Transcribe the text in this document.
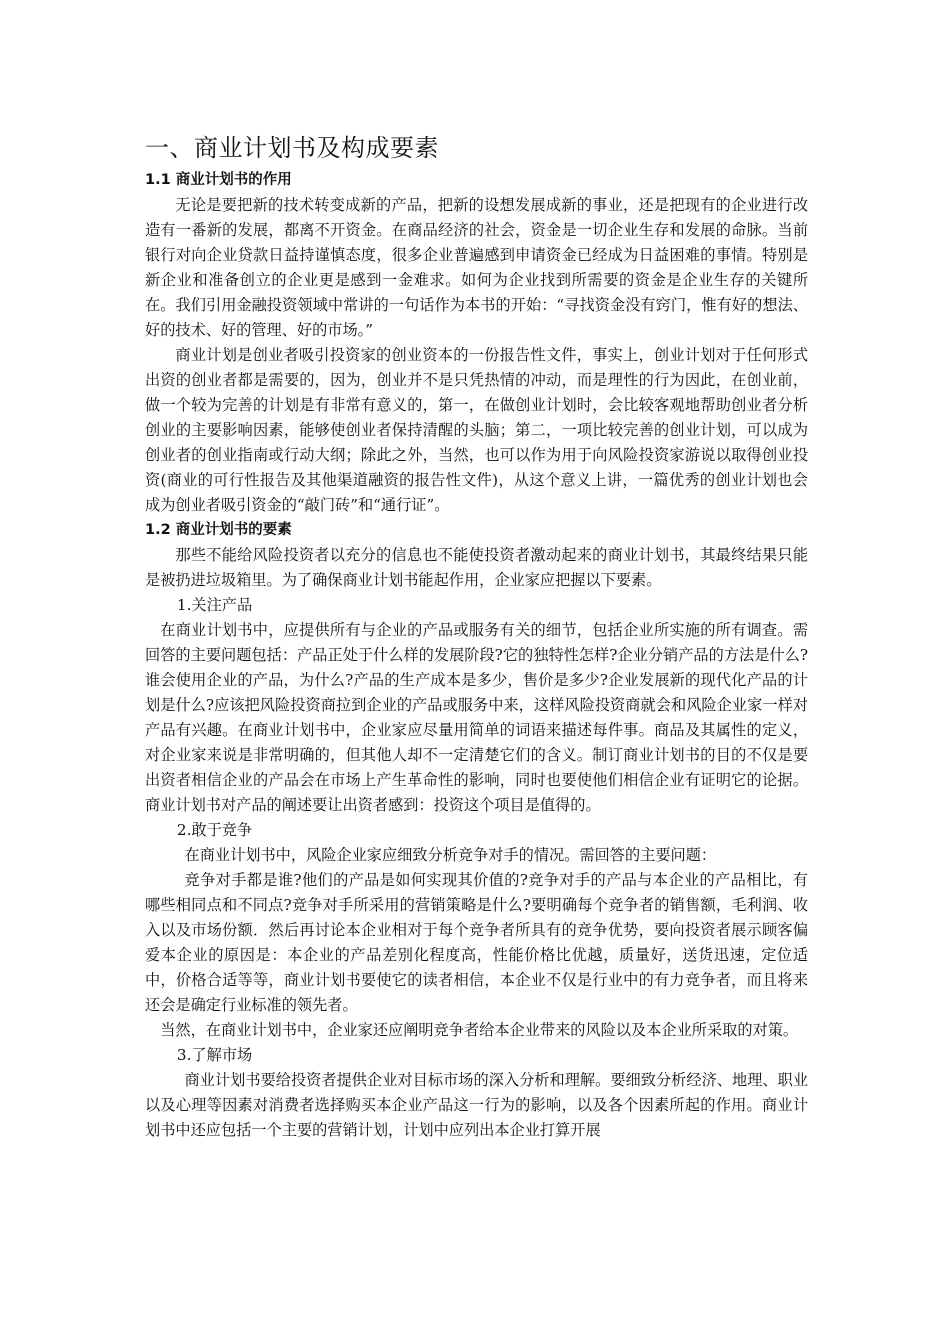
一、商业计划书及构成要素
1.1 商业计划书的作用

无论是要把新的技术转变成新的产品，把新的设想发展成新的事业，还是把现有的企业进行改造有一番新的发展，都离不开资金。在商品经济的社会，资金是一切企业生存和发展的命脉。当前银行对向企业贷款日益持谨慎态度，很多企业普遍感到申请资金已经成为日益困难的事情。特别是新企业和准备创立的企业更是感到一金难求。如何为企业找到所需要的资金是企业生存的关键所在。我们引用金融投资领域中常讲的一句话作为本书的开始：“寻找资金没有窍门，惟有好的想法、好的技术、好的管理、好的市场。”

商业计划是创业者吸引投资家的创业资本的一份报告性文件，事实上，创业计划对于任何形式出资的创业者都是需要的，因为，创业并不是只凭热情的冲动，而是理性的行为因此，在创业前，做一个较为完善的计划是有非常有意义的，第一，在做创业计划时，会比较客观地帮助创业者分析创业的主要影响因素，能够使创业者保持清醒的头脑；第二，一项比较完善的创业计划，可以成为创业者的创业指南或行动大纲；除此之外，当然，也可以作为用于向风险投资家游说以取得创业投资(商业的可行性报告及其他渠道融资的报告性文件)，从这个意义上讲，一篇优秀的创业计划也会成为创业者吸引资金的“敲门砖”和“通行证”。

1.2 商业计划书的要素

那些不能给风险投资者以充分的信息也不能使投资者激动起来的商业计划书，其最终结果只能是被扔进垃圾箱里。为了确保商业计划书能起作用，企业家应把握以下要素。

1.关注产品

在商业计划书中，应提供所有与企业的产品或服务有关的细节，包括企业所实施的所有调查。需回答的主要问题包括：产品正处于什么样的发展阶段?它的独特性怎样?企业分销产品的方法是什么?谁会使用企业的产品，为什么?产品的生产成本是多少，售价是多少?企业发展新的现代化产品的计划是什么?应该把风险投资商拉到企业的产品或服务中来，这样风险投资商就会和风险企业家一样对产品有兴趣。在商业计划书中，企业家应尽量用简单的词语来描述每件事。商品及其属性的定义，对企业家来说是非常明确的，但其他人却不一定清楚它们的含义。制订商业计划书的目的不仅是要出资者相信企业的产品会在市场上产生革命性的影响，同时也要使他们相信企业有证明它的论据。商业计划书对产品的阐述要让出资者感到：投资这个项目是值得的。

2.敢于竞争

在商业计划书中，风险企业家应细致分析竞争对手的情况。需回答的主要问题：

竞争对手都是谁?他们的产品是如何实现其价值的?竞争对手的产品与本企业的产品相比，有哪些相同点和不同点?竞争对手所采用的营销策略是什么?要明确每个竞争者的销售额，毛利润、收入以及市场份额．然后再讨论本企业相对于每个竞争者所具有的竞争优势，要向投资者展示顾客偏爱本企业的原因是：本企业的产品差别化程度高，性能价格比优越，质量好，送货迅速，定位适中，价格合适等等，商业计划书要使它的读者相信，本企业不仅是行业中的有力竞争者，而且将来还会是确定行业标准的领先者。

当然，在商业计划书中，企业家还应阐明竞争者给本企业带来的风险以及本企业所采取的对策。

3.了解市场

商业计划书要给投资者提供企业对目标市场的深入分析和理解。要细致分析经济、地理、职业以及心理等因素对消费者选择购买本企业产品这一行为的影响，以及各个因素所起的作用。商业计划书中还应包括一个主要的营销计划，计划中应列出本企业打算开展
